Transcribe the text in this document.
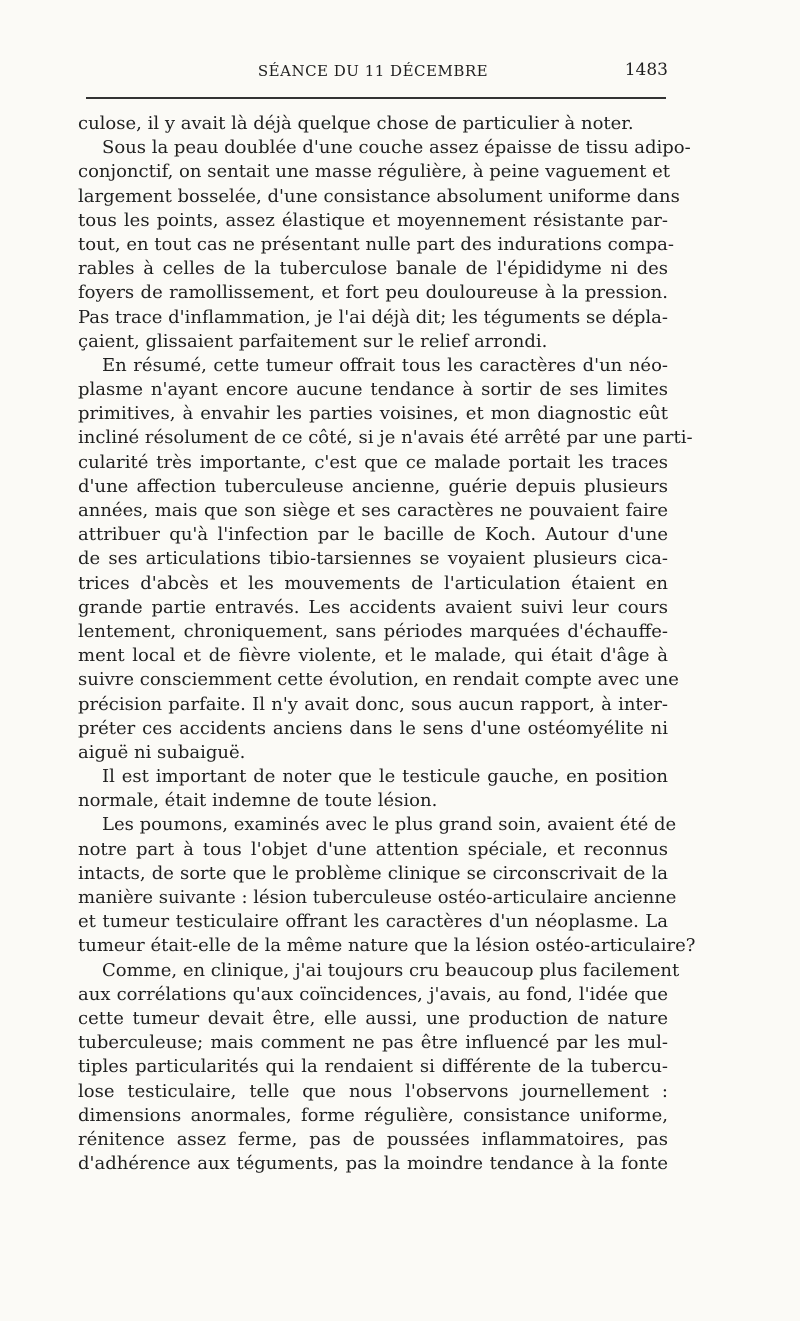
SÉANCE DU 11 DÉCEMBRE	1483
culose, il y avait là déjà quelque chose de particulier à noter.
Sous la peau doublée d'une couche assez épaisse de tissu adipo-
conjonctif, on sentait une masse régulière, à peine vaguement et
largement bosselée, d'une consistance absolument uniforme dans
tous les points, assez élastique et moyennement résistante par-
tout, en tout cas ne présentant nulle part des indurations compa-
rables à celles de la tuberculose banale de l'épididyme ni des
foyers de ramollissement, et fort peu douloureuse à la pression.
Pas trace d'inflammation, je l'ai déjà dit; les téguments se dépla-
çaient, glissaient parfaitement sur le relief arrondi.
En résumé, cette tumeur offrait tous les caractères d'un néo-
plasme n'ayant encore aucune tendance à sortir de ses limites
primitives, à envahir les parties voisines, et mon diagnostic eût
incliné résolument de ce côté, si je n'avais été arrêté par une parti-
cularité très importante, c'est que ce malade portait les traces
d'une affection tuberculeuse ancienne, guérie depuis plusieurs
années, mais que son siège et ses caractères ne pouvaient faire
attribuer qu'à l'infection par le bacille de Koch. Autour d'une
de ses articulations tibio-tarsiennes se voyaient plusieurs cica-
trices d'abcès et les mouvements de l'articulation étaient en
grande partie entravés. Les accidents avaient suivi leur cours
lentement, chroniquement, sans périodes marquées d'échauffe-
ment local et de fièvre violente, et le malade, qui était d'âge à
suivre consciemment cette évolution, en rendait compte avec une
précision parfaite. Il n'y avait donc, sous aucun rapport, à inter-
préter ces accidents anciens dans le sens d'une ostéomyélite ni
aiguë ni subaiguë.
Il est important de noter que le testicule gauche, en position
normale, était indemne de toute lésion.
Les poumons, examinés avec le plus grand soin, avaient été de
notre part à tous l'objet d'une attention spéciale, et reconnus
intacts, de sorte que le problème clinique se circonscrivait de la
manière suivante : lésion tuberculeuse ostéo-articulaire ancienne
et tumeur testiculaire offrant les caractères d'un néoplasme. La
tumeur était-elle de la même nature que la lésion ostéo-articulaire?
Comme, en clinique, j'ai toujours cru beaucoup plus facilement
aux corrélations qu'aux coïncidences, j'avais, au fond, l'idée que
cette tumeur devait être, elle aussi, une production de nature
tuberculeuse; mais comment ne pas être influencé par les mul-
tiples particularités qui la rendaient si différente de la tubercu-
lose testiculaire, telle que nous l'observons journellement :
dimensions anormales, forme régulière, consistance uniforme,
rénitence assez ferme, pas de poussées inflammatoires, pas
d'adhérence aux téguments, pas la moindre tendance à la fonte
